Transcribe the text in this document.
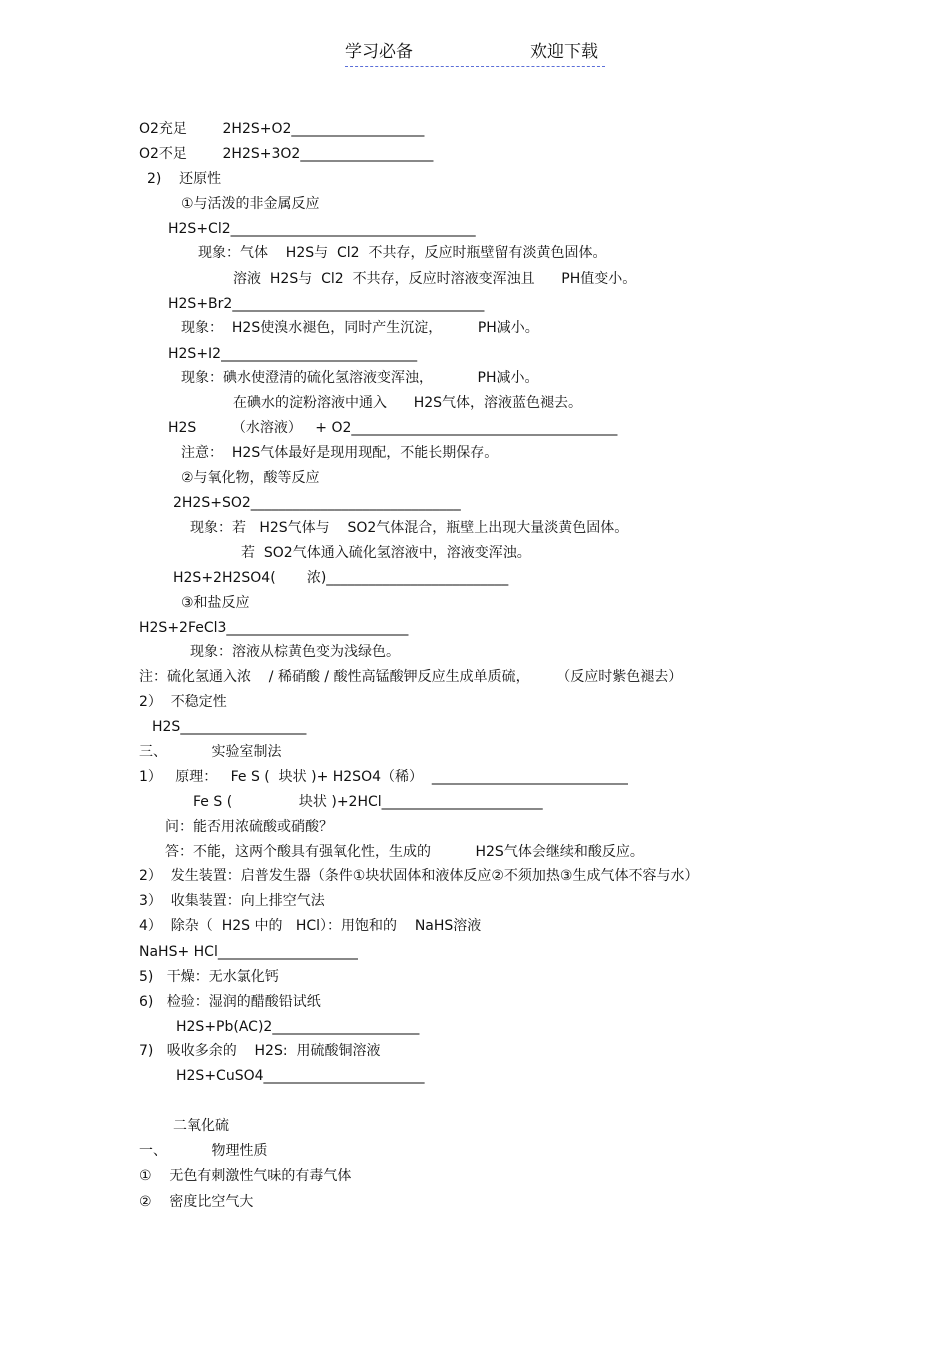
学习必备	欢迎下载
O2充足        2H2S+O2___________________
O2不足        2H2S+3O2___________________
2)    还原性
①与活泼的非金属反应
H2S+Cl2___________________________________
现象：气体    H2S与  Cl2  不共存，反应时瓶壁留有淡黄色固体。
溶液  H2S与  Cl2  不共存，反应时溶液变浑浊且      PH值变小。
H2S+Br2____________________________________
现象：  H2S使溴水褪色，同时产生沉淀，        PH减小。
H2S+I2____________________________
现象：碘水使澄清的硫化氢溶液变浑浊，          PH减小。
在碘水的淀粉溶液中通入      H2S气体，溶液蓝色褪去。
H2S        （水溶液）   + O2______________________________________
注意：  H2S气体最好是现用现配，不能长期保存。
②与氧化物，酸等反应
2H2S+SO2______________________________
现象：若   H2S气体与    SO2气体混合，瓶壁上出现大量淡黄色固体。
若  SO2气体通入硫化氢溶液中，溶液变浑浊。
H2S+2H2SO4(       浓)__________________________
③和盐反应
H2S+2FeCl3__________________________
现象：溶液从棕黄色变为浅绿色。
注：硫化氢通入浓    / 稀硝酸 / 酸性高锰酸钾反应生成单质硫，      （反应时紫色褪去）
2）  不稳定性
H2S__________________
三、          实验室制法
1）   原理：   Fe S (  块状 )+ H2SO4（稀）  ____________________________
Fe S (               块状 )+2HCl_______________________
问：能否用浓硫酸或硝酸？
答：不能，这两个酸具有强氧化性，生成的          H2S气体会继续和酸反应。
2）  发生装置：启普发生器（条件①块状固体和液体反应②不须加热③生成气体不容与水）
3）  收集装置：向上排空气法
4）  除杂（  H2S 中的   HCl）：用饱和的    NaHS溶液
NaHS+ HCl____________________
5)   干燥：无水氯化钙
6)   检验：湿润的醋酸铅试纸
H2S+Pb(AC)2_____________________
7)   吸收多余的    H2S:  用硫酸铜溶液
H2S+CuSO4_______________________
二氧化硫
一、          物理性质
①    无色有刺激性气味的有毒气体
②    密度比空气大
